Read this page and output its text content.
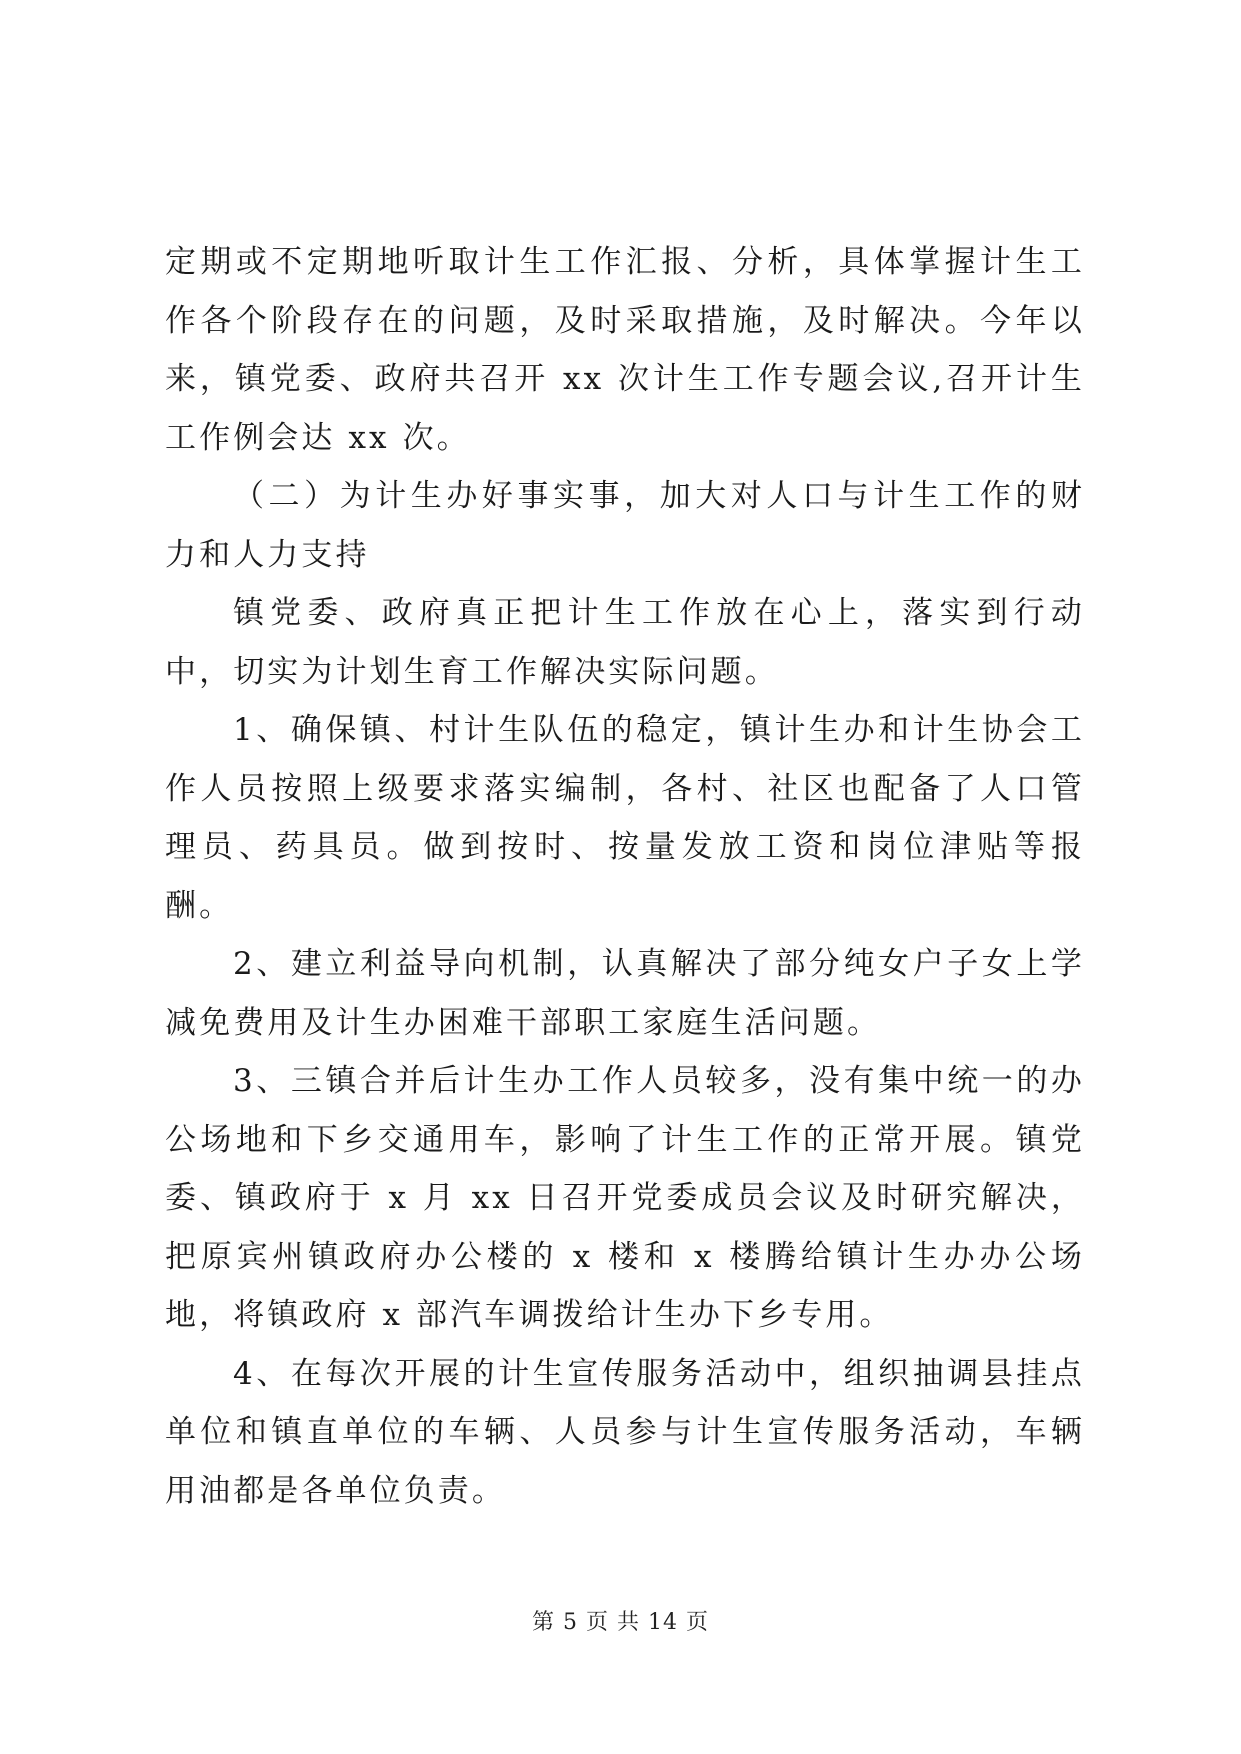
定期或不定期地听取计生工作汇报、分析，具体掌握计生工作各个阶段存在的问题，及时采取措施，及时解决。今年以来，镇党委、政府共召开 xx 次计生工作专题会议,召开计生工作例会达 xx 次。

（二）为计生办好事实事，加大对人口与计生工作的财力和人力支持

镇党委、政府真正把计生工作放在心上，落实到行动中，切实为计划生育工作解决实际问题。

1、确保镇、村计生队伍的稳定，镇计生办和计生协会工作人员按照上级要求落实编制，各村、社区也配备了人口管理员、药具员。做到按时、按量发放工资和岗位津贴等报酬。

2、建立利益导向机制，认真解决了部分纯女户子女上学减免费用及计生办困难干部职工家庭生活问题。

3、三镇合并后计生办工作人员较多，没有集中统一的办公场地和下乡交通用车，影响了计生工作的正常开展。镇党委、镇政府于 x 月 xx 日召开党委成员会议及时研究解决，把原宾州镇政府办公楼的 x 楼和 x 楼腾给镇计生办办公场地，将镇政府 x 部汽车调拨给计生办下乡专用。

4、在每次开展的计生宣传服务活动中，组织抽调县挂点单位和镇直单位的车辆、人员参与计生宣传服务活动，车辆用油都是各单位负责。

第 5 页 共 14 页
